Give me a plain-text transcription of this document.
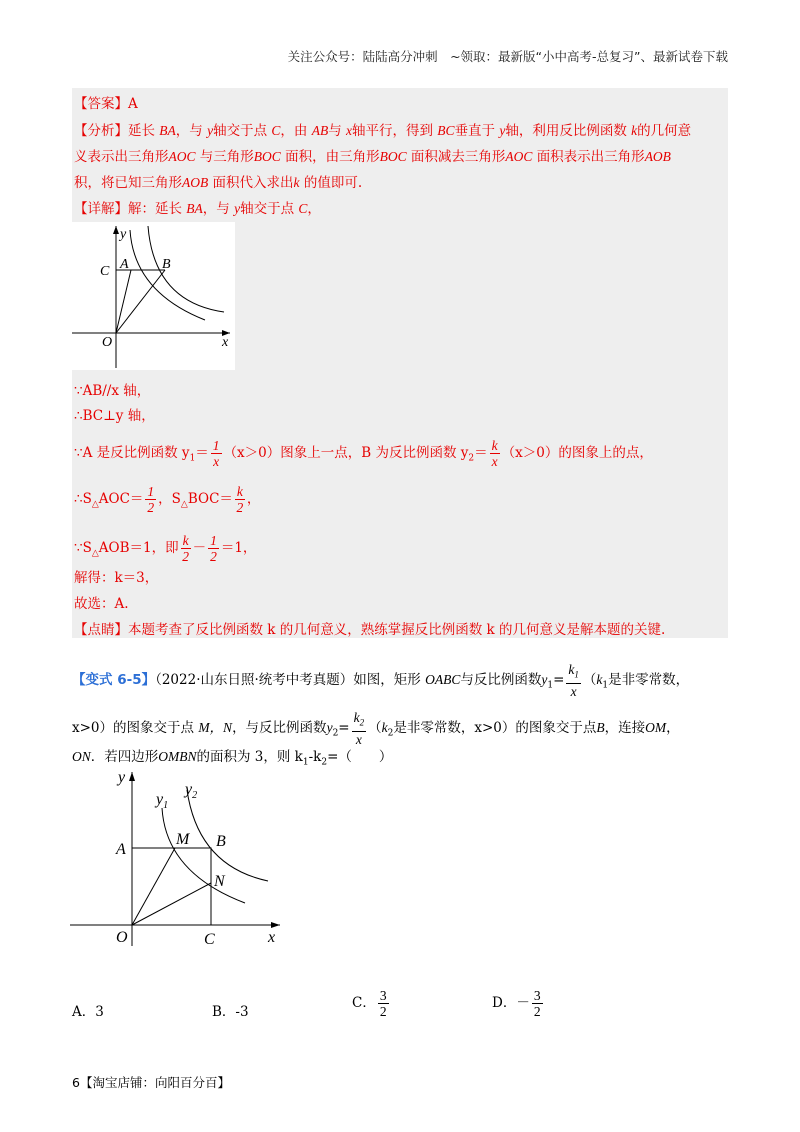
关注公众号：陆陆高分冲刺　~领取：最新版“小中高考-总复习”、最新试卷下载
【答案】A
【分析】延长 BA，与 y轴交于点 C，由 AB与 x轴平行，得到 BC垂直于 y轴，利用反比例函数 k的几何意
义表示出三角形AOC 与三角形BOC 面积，由三角形BOC 面积减去三角形AOC 面积表示出三角形AOB
积，将已知三角形AOB 面积代入求出k 的值即可.
【详解】解：延长 BA，与 y轴交于点 C，
y
A B
C
O	x
∵AB//x 轴，
∴BC⊥y 轴，
∵A 是反比例函数 $y_1= \frac{1}{x} (x>0)$图象上一点，B 为反比例函数 $y_2= \frac{k}{x} (x>0)$的图象上的点，
$\therefore S_\triangle AOC= \frac{1}{2}$ ，$S_\triangle BOC= \frac{k}{2}$ ，
$\because S_\triangle AOB=1$，即 $\frac{k}{2} - \frac{1}{2} =1$，
解得：k＝3，
故选：A.
【点睛】本题考查了反比例函数 k 的几何意义，熟练掌握反比例函数 k 的几何意义是解本题的关键.
【变式 6-5】（2022·山东日照·统考中考真题）如图，矩形 OABC与反比例函数$y_1= \frac{k_1}{x} (k_1$是非零常数，
x>0）的图象交于点 M，N，与反比例函数$y_2= \frac{k_2}{x} (k_2$是非零常数，x>0）的图象交于点B，连接OM，
ON．若四边形OMBN的面积为 3，则 $k_1-k_2=$（　　）
y
$y_1$
$y_2$
A
M B
N
O	C	x
A．3	B．-3
C． $\frac{3}{2}$	D．－ $\frac{3}{2}$
6【淘宝店铺：向阳百分百】
